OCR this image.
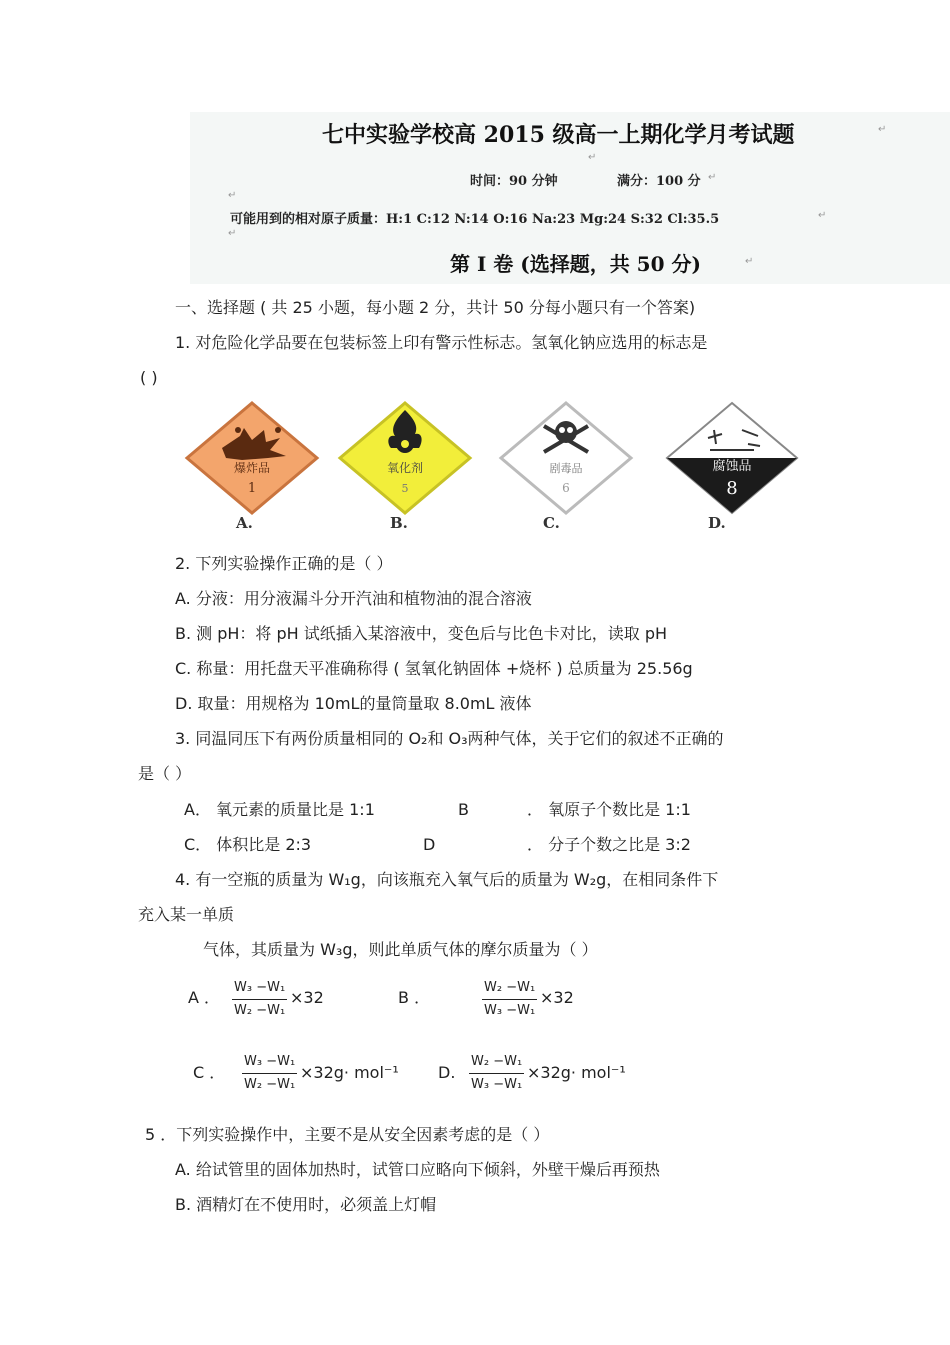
七中实验学校高 2015 级高一上期化学月考试题
时间：90 分钟	满分：100 分
可能用到的相对原子质量：H:1 C:12 N:14 O:16 Na:23 Mg:24 S:32 Cl:35.5
第 Ⅰ 卷 (选择题，共 50 分)
↵
↵
↵
↵
↵
↵
↵
一、选择题 ( 共 25 小题，每小题 2 分，共计 50 分每小题只有一个答案)
1. 对危险化学品要在包装标签上印有警示性标志。氢氧化钠应选用的标志是
( )
爆炸品
1
氧化剂
5
剧毒品
6
腐蚀品
8
A.	B.	C.	D.
2. 下列实验操作正确的是（ ）
A. 分液：用分液漏斗分开汽油和植物油的混合溶液
B. 测 pH：将 pH 试纸插入某溶液中，变色后与比色卡对比，读取 pH
C. 称量：用托盘天平准确称得 ( 氢氧化钠固体 +烧杯 ) 总质量为 25.56g
D. 取量：用规格为 10mL的量筒量取 8.0mL 液体
3. 同温同压下有两份质量相同的 O₂和 O₃两种气体，关于它们的叙述不正确的
是（ ）
A． 氧元素的质量比是 1:1	B	． 氧原子个数比是 1:1
C． 体积比是 2:3	D	． 分子个数之比是 3:2
4. 有一空瓶的质量为 W₁g，向该瓶充入氧气后的质量为 W₂g，在相同条件下
充入某一单质
气体，其质量为 W₃g，则此单质气体的摩尔质量为（ ）
A ． $\frac{\text{W₃ −W₁}}{\text{W₂ −W₁}} \times 32$	B ．	$\frac{\text{W₂ −W₁}}{\text{W₃ −W₁}} \times 32$
C ． $\frac{\text{W₃ −W₁}}{\text{W₂ −W₁}} \times 32g\cdot mol^{-1}$ D. $\frac{\text{W₂ −W₁}}{\text{W₃ −W₁}} \times 32g\cdot mol^{-1}$
5 ．下列实验操作中，主要不是从安全因素考虑的是（ ）
A. 给试管里的固体加热时，试管口应略向下倾斜，外壁干燥后再预热
B. 酒精灯在不使用时，必须盖上灯帽
